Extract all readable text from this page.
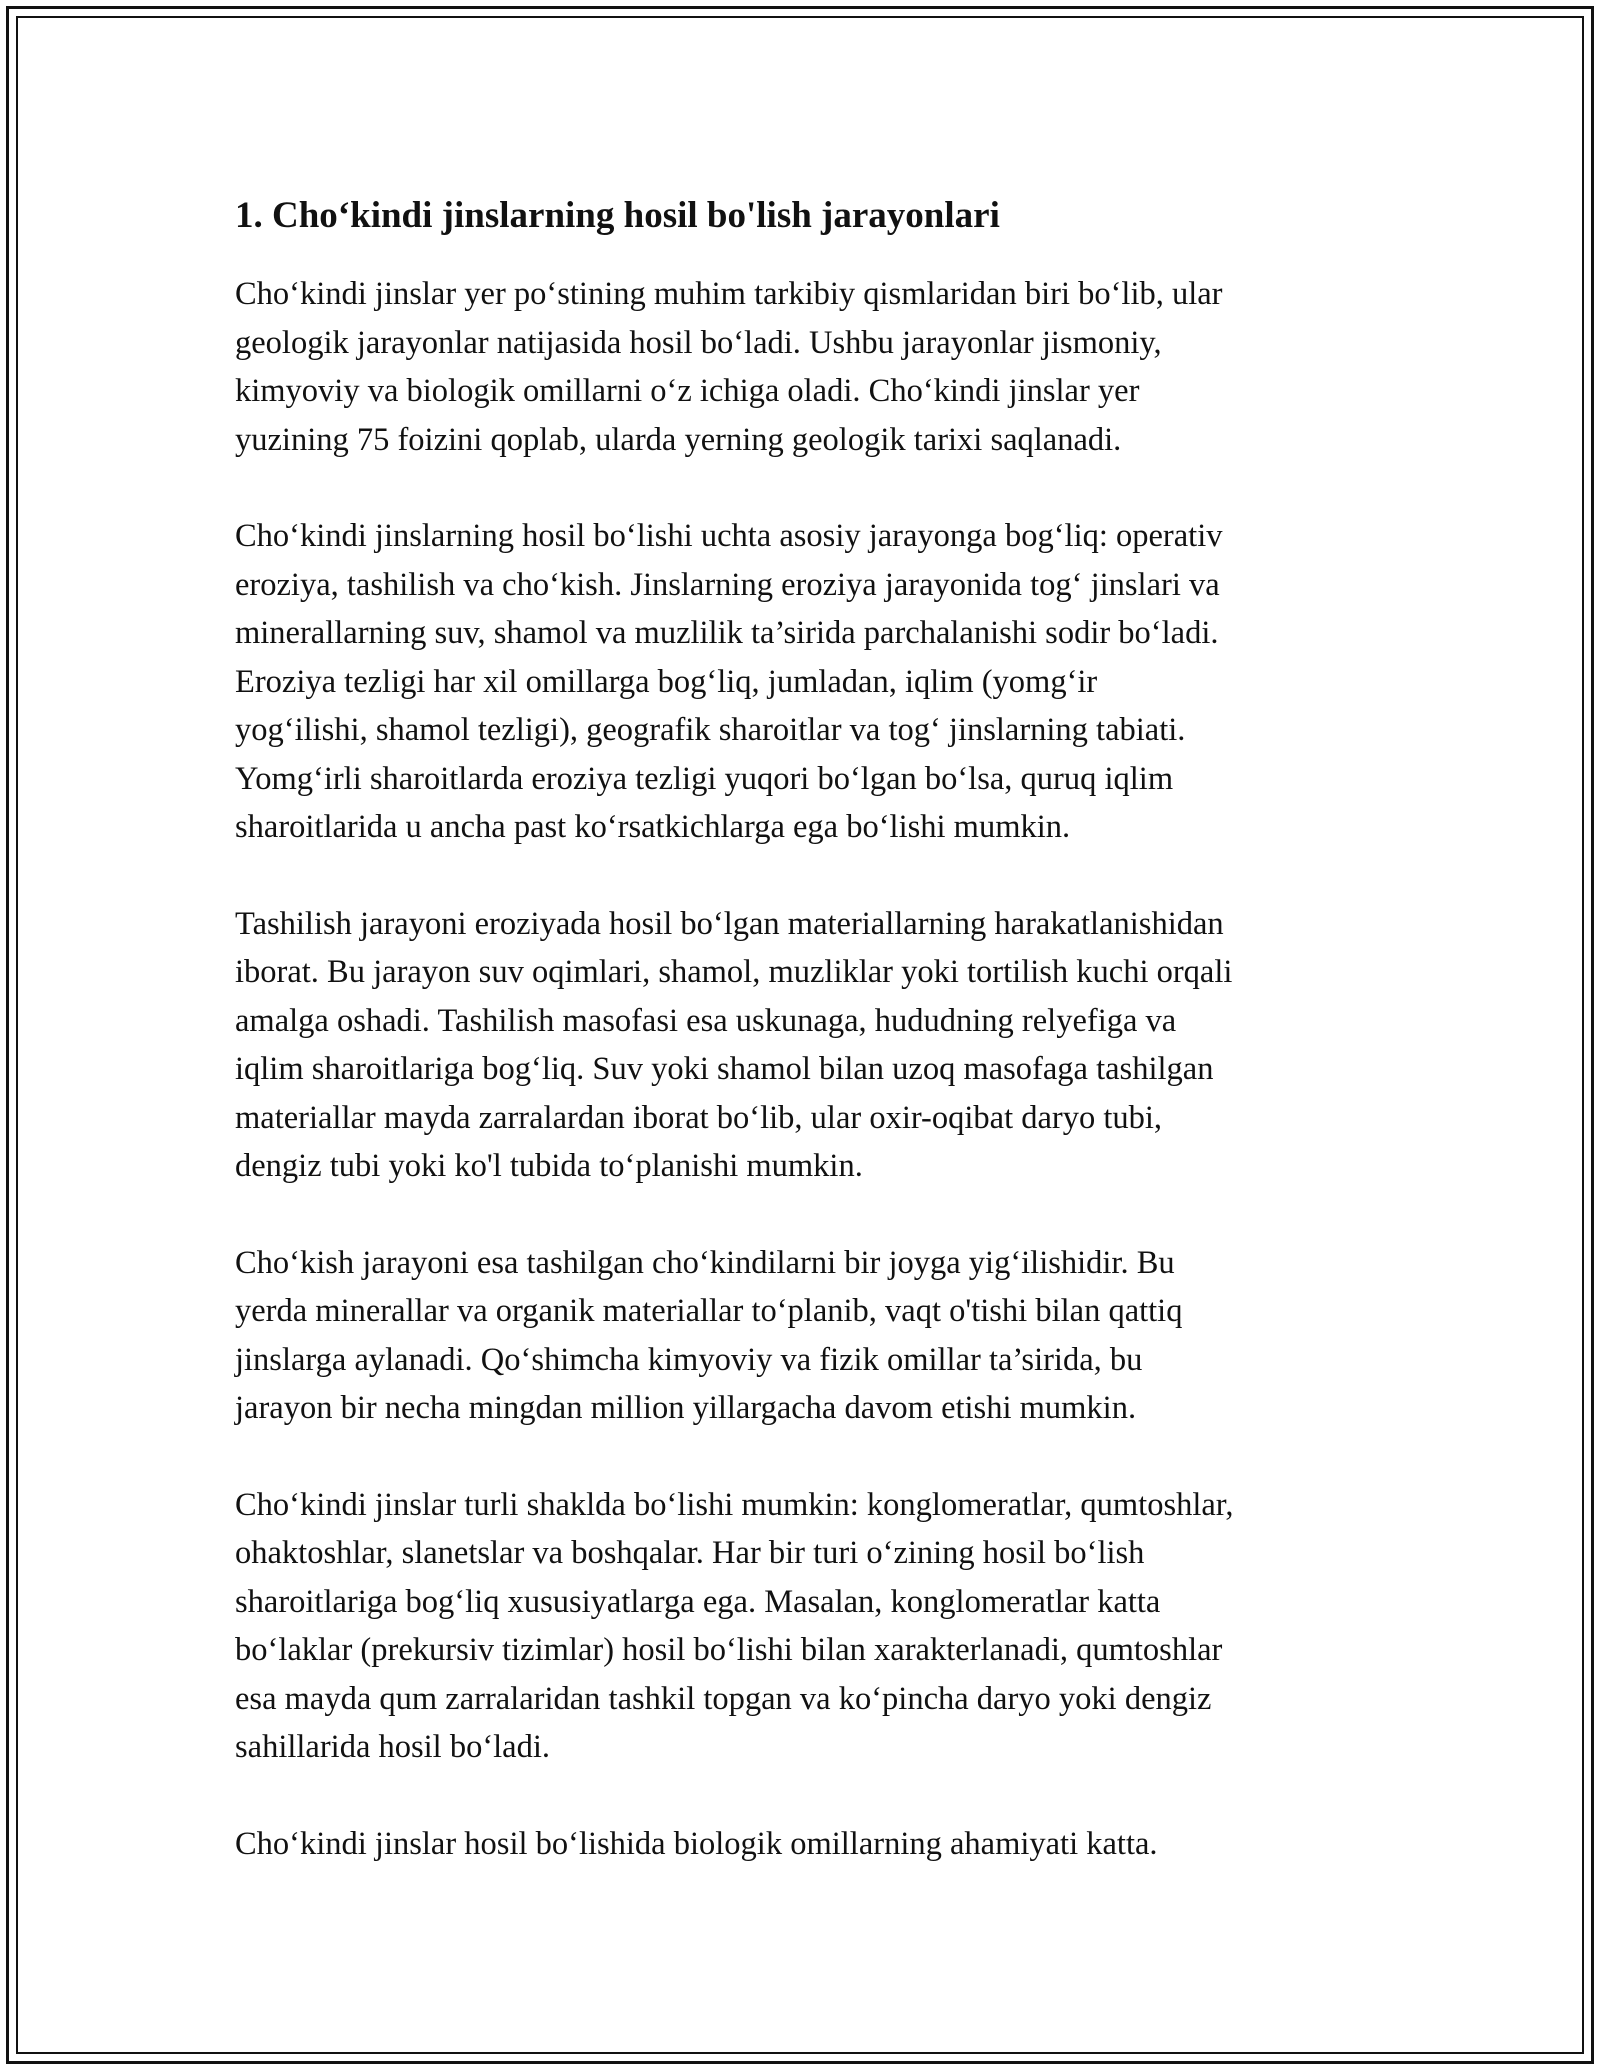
1. Cho‘kindi jinslarning hosil bo'lish jarayonlari

Cho‘kindi jinslar yer po‘stining muhim tarkibiy qismlaridan biri bo‘lib, ular
geologik jarayonlar natijasida hosil bo‘ladi. Ushbu jarayonlar jismoniy,
kimyoviy va biologik omillarni o‘z ichiga oladi. Cho‘kindi jinslar yer
yuzining 75 foizini qoplab, ularda yerning geologik tarixi saqlanadi.

Cho‘kindi jinslarning hosil bo‘lishi uchta asosiy jarayonga bog‘liq: operativ
eroziya, tashilish va cho‘kish. Jinslarning eroziya jarayonida tog‘ jinslari va
minerallarning suv, shamol va muzlilik ta’sirida parchalanishi sodir bo‘ladi.
Eroziya tezligi har xil omillarga bog‘liq, jumladan, iqlim (yomg‘ir
yog‘ilishi, shamol tezligi), geografik sharoitlar va tog‘ jinslarning tabiati.
Yomg‘irli sharoitlarda eroziya tezligi yuqori bo‘lgan bo‘lsa, quruq iqlim
sharoitlarida u ancha past ko‘rsatkichlarga ega bo‘lishi mumkin.

Tashilish jarayoni eroziyada hosil bo‘lgan materiallarning harakatlanishidan
iborat. Bu jarayon suv oqimlari, shamol, muzliklar yoki tortilish kuchi orqali
amalga oshadi. Tashilish masofasi esa uskunaga, hududning relyefiga va
iqlim sharoitlariga bog‘liq. Suv yoki shamol bilan uzoq masofaga tashilgan
materiallar mayda zarralardan iborat bo‘lib, ular oxir-oqibat daryo tubi,
dengiz tubi yoki ko'l tubida to‘planishi mumkin.

Cho‘kish jarayoni esa tashilgan cho‘kindilarni bir joyga yig‘ilishidir. Bu
yerda minerallar va organik materiallar to‘planib, vaqt o'tishi bilan qattiq
jinslarga aylanadi. Qo‘shimcha kimyoviy va fizik omillar ta’sirida, bu
jarayon bir necha mingdan million yillargacha davom etishi mumkin.

Cho‘kindi jinslar turli shaklda bo‘lishi mumkin: konglomeratlar, qumtoshlar,
ohaktoshlar, slanetslar va boshqalar. Har bir turi o‘zining hosil bo‘lish
sharoitlariga bog‘liq xususiyatlarga ega. Masalan, konglomeratlar katta
bo‘laklar (prekursiv tizimlar) hosil bo‘lishi bilan xarakterlanadi, qumtoshlar
esa mayda qum zarralaridan tashkil topgan va ko‘pincha daryo yoki dengiz
sahillarida hosil bo‘ladi.

Cho‘kindi jinslar hosil bo‘lishida biologik omillarning ahamiyati katta.
